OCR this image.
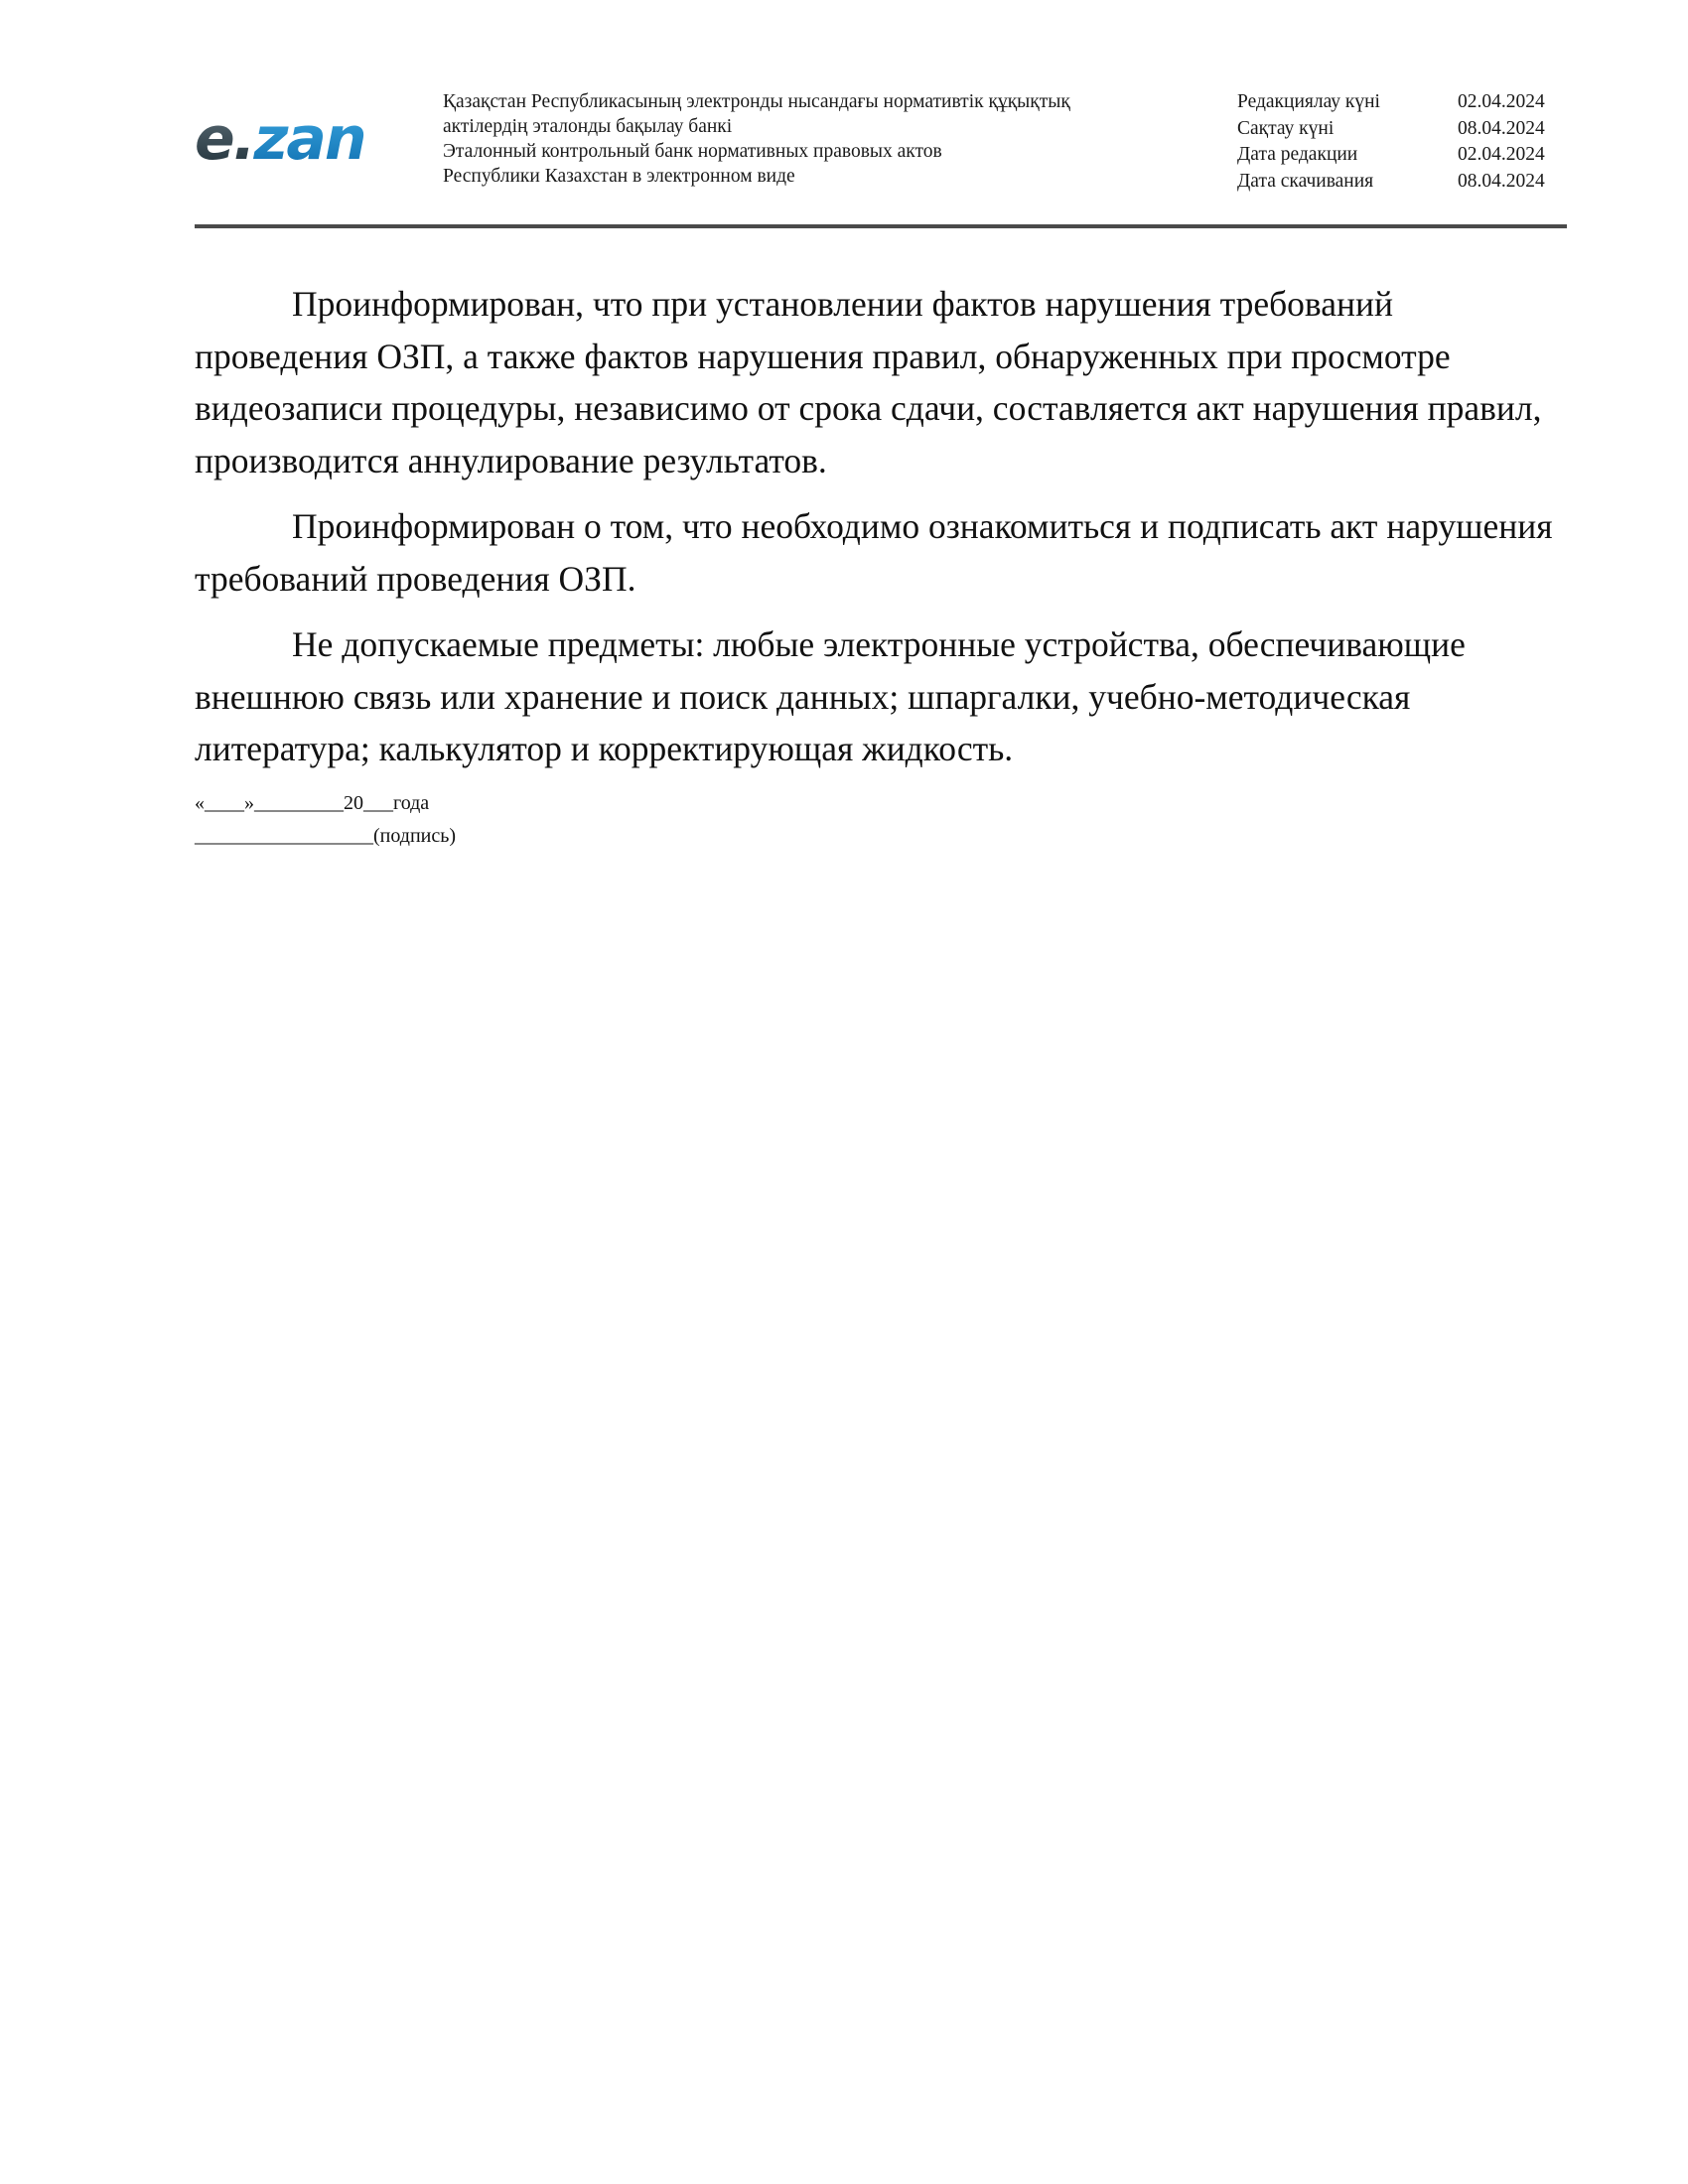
e.zan
Қазақстан Республикасының электронды нысандағы нормативтік құқықтық
актілердің эталонды бақылау банкі
Эталонный контрольный банк нормативных правовых актов
Республики Казахстан в электронном виде
Редакциялау күні	02.04.2024
Сақтау күні	08.04.2024
Дата редакции	02.04.2024
Дата скачивания	08.04.2024

Проинформирован, что при установлении фактов нарушения требований проведения ОЗП, а также фактов нарушения правил, обнаруженных при просмотре видеозаписи процедуры, независимо от срока сдачи, составляется акт нарушения правил, производится аннулирование результатов.

Проинформирован о том, что необходимо ознакомиться и подписать акт нарушения требований проведения ОЗП.

Не допускаемые предметы: любые электронные устройства, обеспечивающие внешнюю связь или хранение и поиск данных; шпаргалки, учебно-методическая литература; калькулятор и корректирующая жидкость.

«____»_________20___года
__________________(подпись)
